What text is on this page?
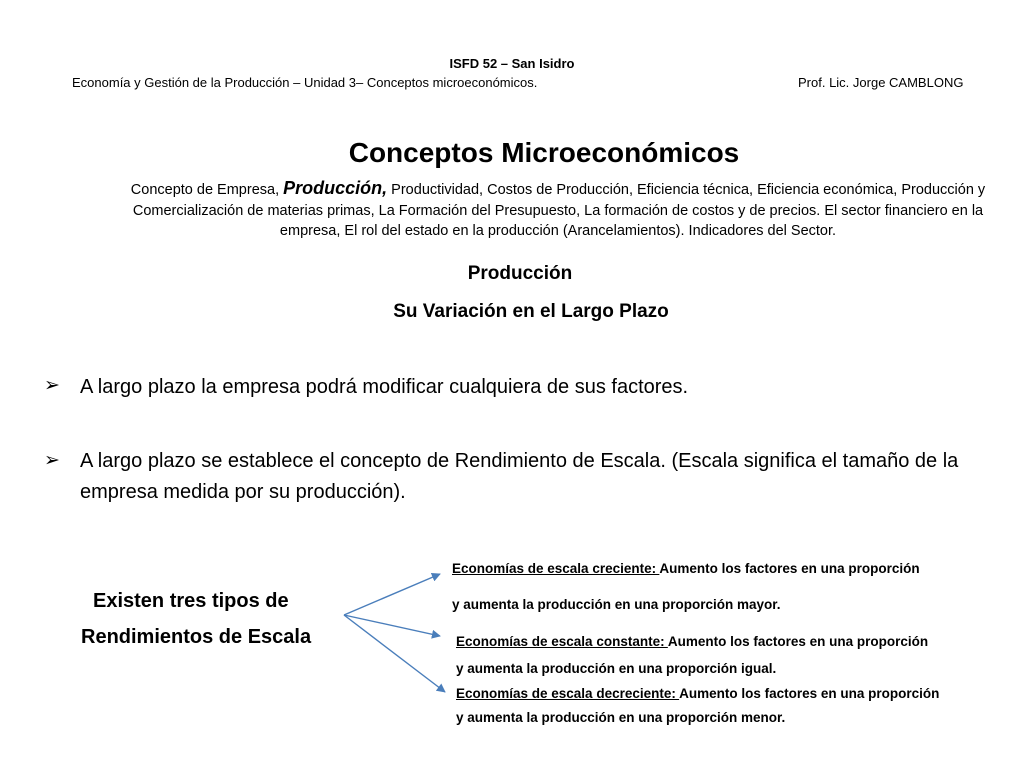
ISFD 52 – San Isidro
Economía y Gestión de la Producción – Unidad 3– Conceptos microeconómicos.	Prof. Lic. Jorge CAMBLONG
Conceptos Microeconómicos
Concepto de Empresa, Producción, Productividad, Costos de Producción, Eficiencia técnica, Eficiencia económica, Producción y Comercialización de materias primas, La Formación del Presupuesto, La formación de costos y de precios. El sector financiero en la empresa, El rol del estado en la producción (Arancelamientos). Indicadores del Sector.
Producción
Su Variación en el Largo Plazo
➢ A largo plazo la empresa podrá modificar cualquiera de sus factores.
➢ A largo plazo se establece el concepto de Rendimiento de Escala. (Escala significa el tamaño de la empresa medida por su producción).
Existen tres tipos de
Rendimientos de Escala
Economías de escala creciente: Aumento los factores en una proporción
y aumenta la producción en una proporción mayor.
Economías de escala constante: Aumento los factores en una proporción
y aumenta la producción en una proporción igual.
Economías de escala decreciente: Aumento los factores en una proporción
y aumenta la producción en una proporción menor.
